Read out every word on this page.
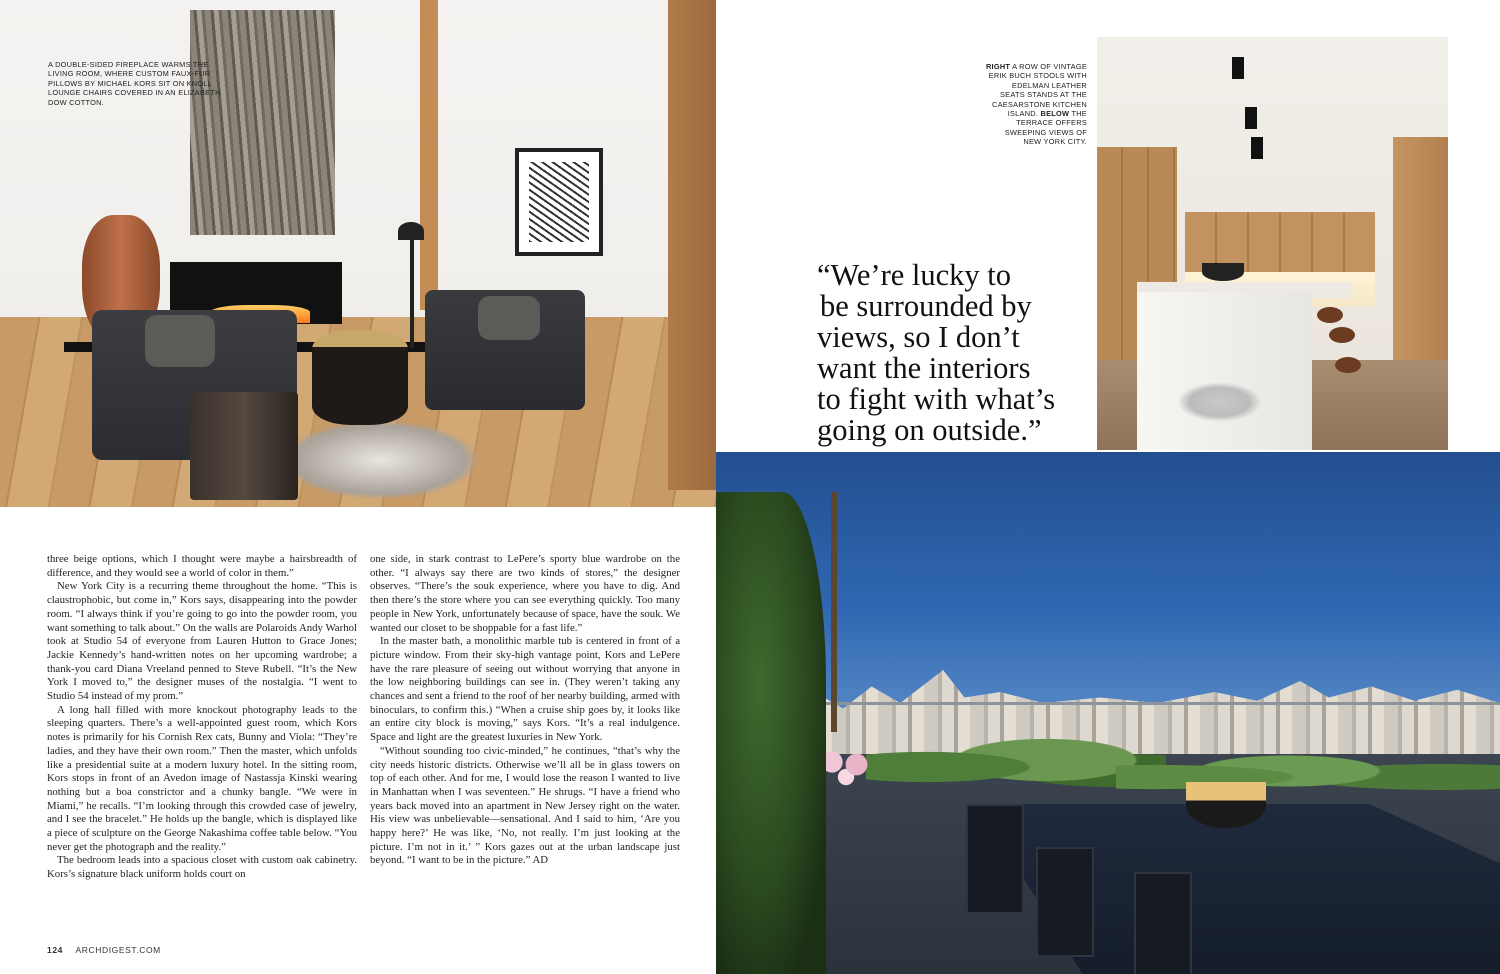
A DOUBLE-SIDED FIREPLACE WARMS THE LIVING ROOM, WHERE CUSTOM FAUX-FUR PILLOWS BY MICHAEL KORS SIT ON KNOLL LOUNGE CHAIRS COVERED IN AN ELIZABETH DOW COTTON.
RIGHT A ROW OF VINTAGE ERIK BUCH STOOLS WITH EDELMAN LEATHER SEATS STANDS AT THE CAESARSTONE KITCHEN ISLAND. BELOW THE TERRACE OFFERS SWEEPING VIEWS OF NEW YORK CITY.
“We’re lucky to
be surrounded by
views, so I don’t
want the interiors
to fight with what’s
going on outside.”

three beige options, which I thought were maybe a hairsbreadth of difference, and they would see a world of color in them.”

New York City is a recurring theme throughout the home. “This is claustrophobic, but come in,” Kors says, disappearing into the powder room. “I always think if you’re going to go into the powder room, you want something to talk about.” On the walls are Polaroids Andy Warhol took at Studio 54 of everyone from Lauren Hutton to Grace Jones; Jackie Kennedy’s hand-written notes on her upcoming wardrobe; a thank-you card Diana Vreeland penned to Steve Rubell. “It’s the New York I moved to,” the designer muses of the nostalgia. “I went to Studio 54 instead of my prom.”

A long hall filled with more knockout photography leads to the sleeping quarters. There’s a well-appointed guest room, which Kors notes is primarily for his Cornish Rex cats, Bunny and Viola: “They’re ladies, and they have their own room.” Then the master, which unfolds like a presidential suite at a modern luxury hotel. In the sitting room, Kors stops in front of an Avedon image of Nastassja Kinski wearing nothing but a boa constrictor and a chunky bangle. “We were in Miami,” he recalls. “I’m looking through this crowded case of jewelry, and I see the bracelet.” He holds up the bangle, which is displayed like a piece of sculpture on the George Nakashima coffee table below. “You never get the photograph and the reality.”

The bedroom leads into a spacious closet with custom oak cabinetry. Kors’s signature black uniform holds court on

one side, in stark contrast to LePere’s sporty blue wardrobe on the other. “I always say there are two kinds of stores,” the designer observes. “There’s the souk experience, where you have to dig. And then there’s the store where you can see everything quickly. Too many people in New York, unfortunately because of space, have the souk. We wanted our closet to be shoppable for a fast life.”

In the master bath, a monolithic marble tub is centered in front of a picture window. From their sky-high vantage point, Kors and LePere have the rare pleasure of seeing out without worrying that anyone in the low neighboring buildings can see in. (They weren’t taking any chances and sent a friend to the roof of her nearby building, armed with binoculars, to confirm this.) “When a cruise ship goes by, it looks like an entire city block is moving,” says Kors. “It’s a real indulgence. Space and light are the greatest luxuries in New York.

“Without sounding too civic-minded,” he continues, “that’s why the city needs historic districts. Otherwise we’ll all be in glass towers on top of each other. And for me, I would lose the reason I wanted to live in Manhattan when I was seventeen.” He shrugs. “I have a friend who years back moved into an apartment in New Jersey right on the water. His view was unbelievable—sensational. And I said to him, ‘Are you happy here?’ He was like, ‘No, not really. I’m just looking at the picture. I’m not in it.’ ” Kors gazes out at the urban landscape just beyond. “I want to be in the picture.” AD

124 ARCHDIGEST.COM
